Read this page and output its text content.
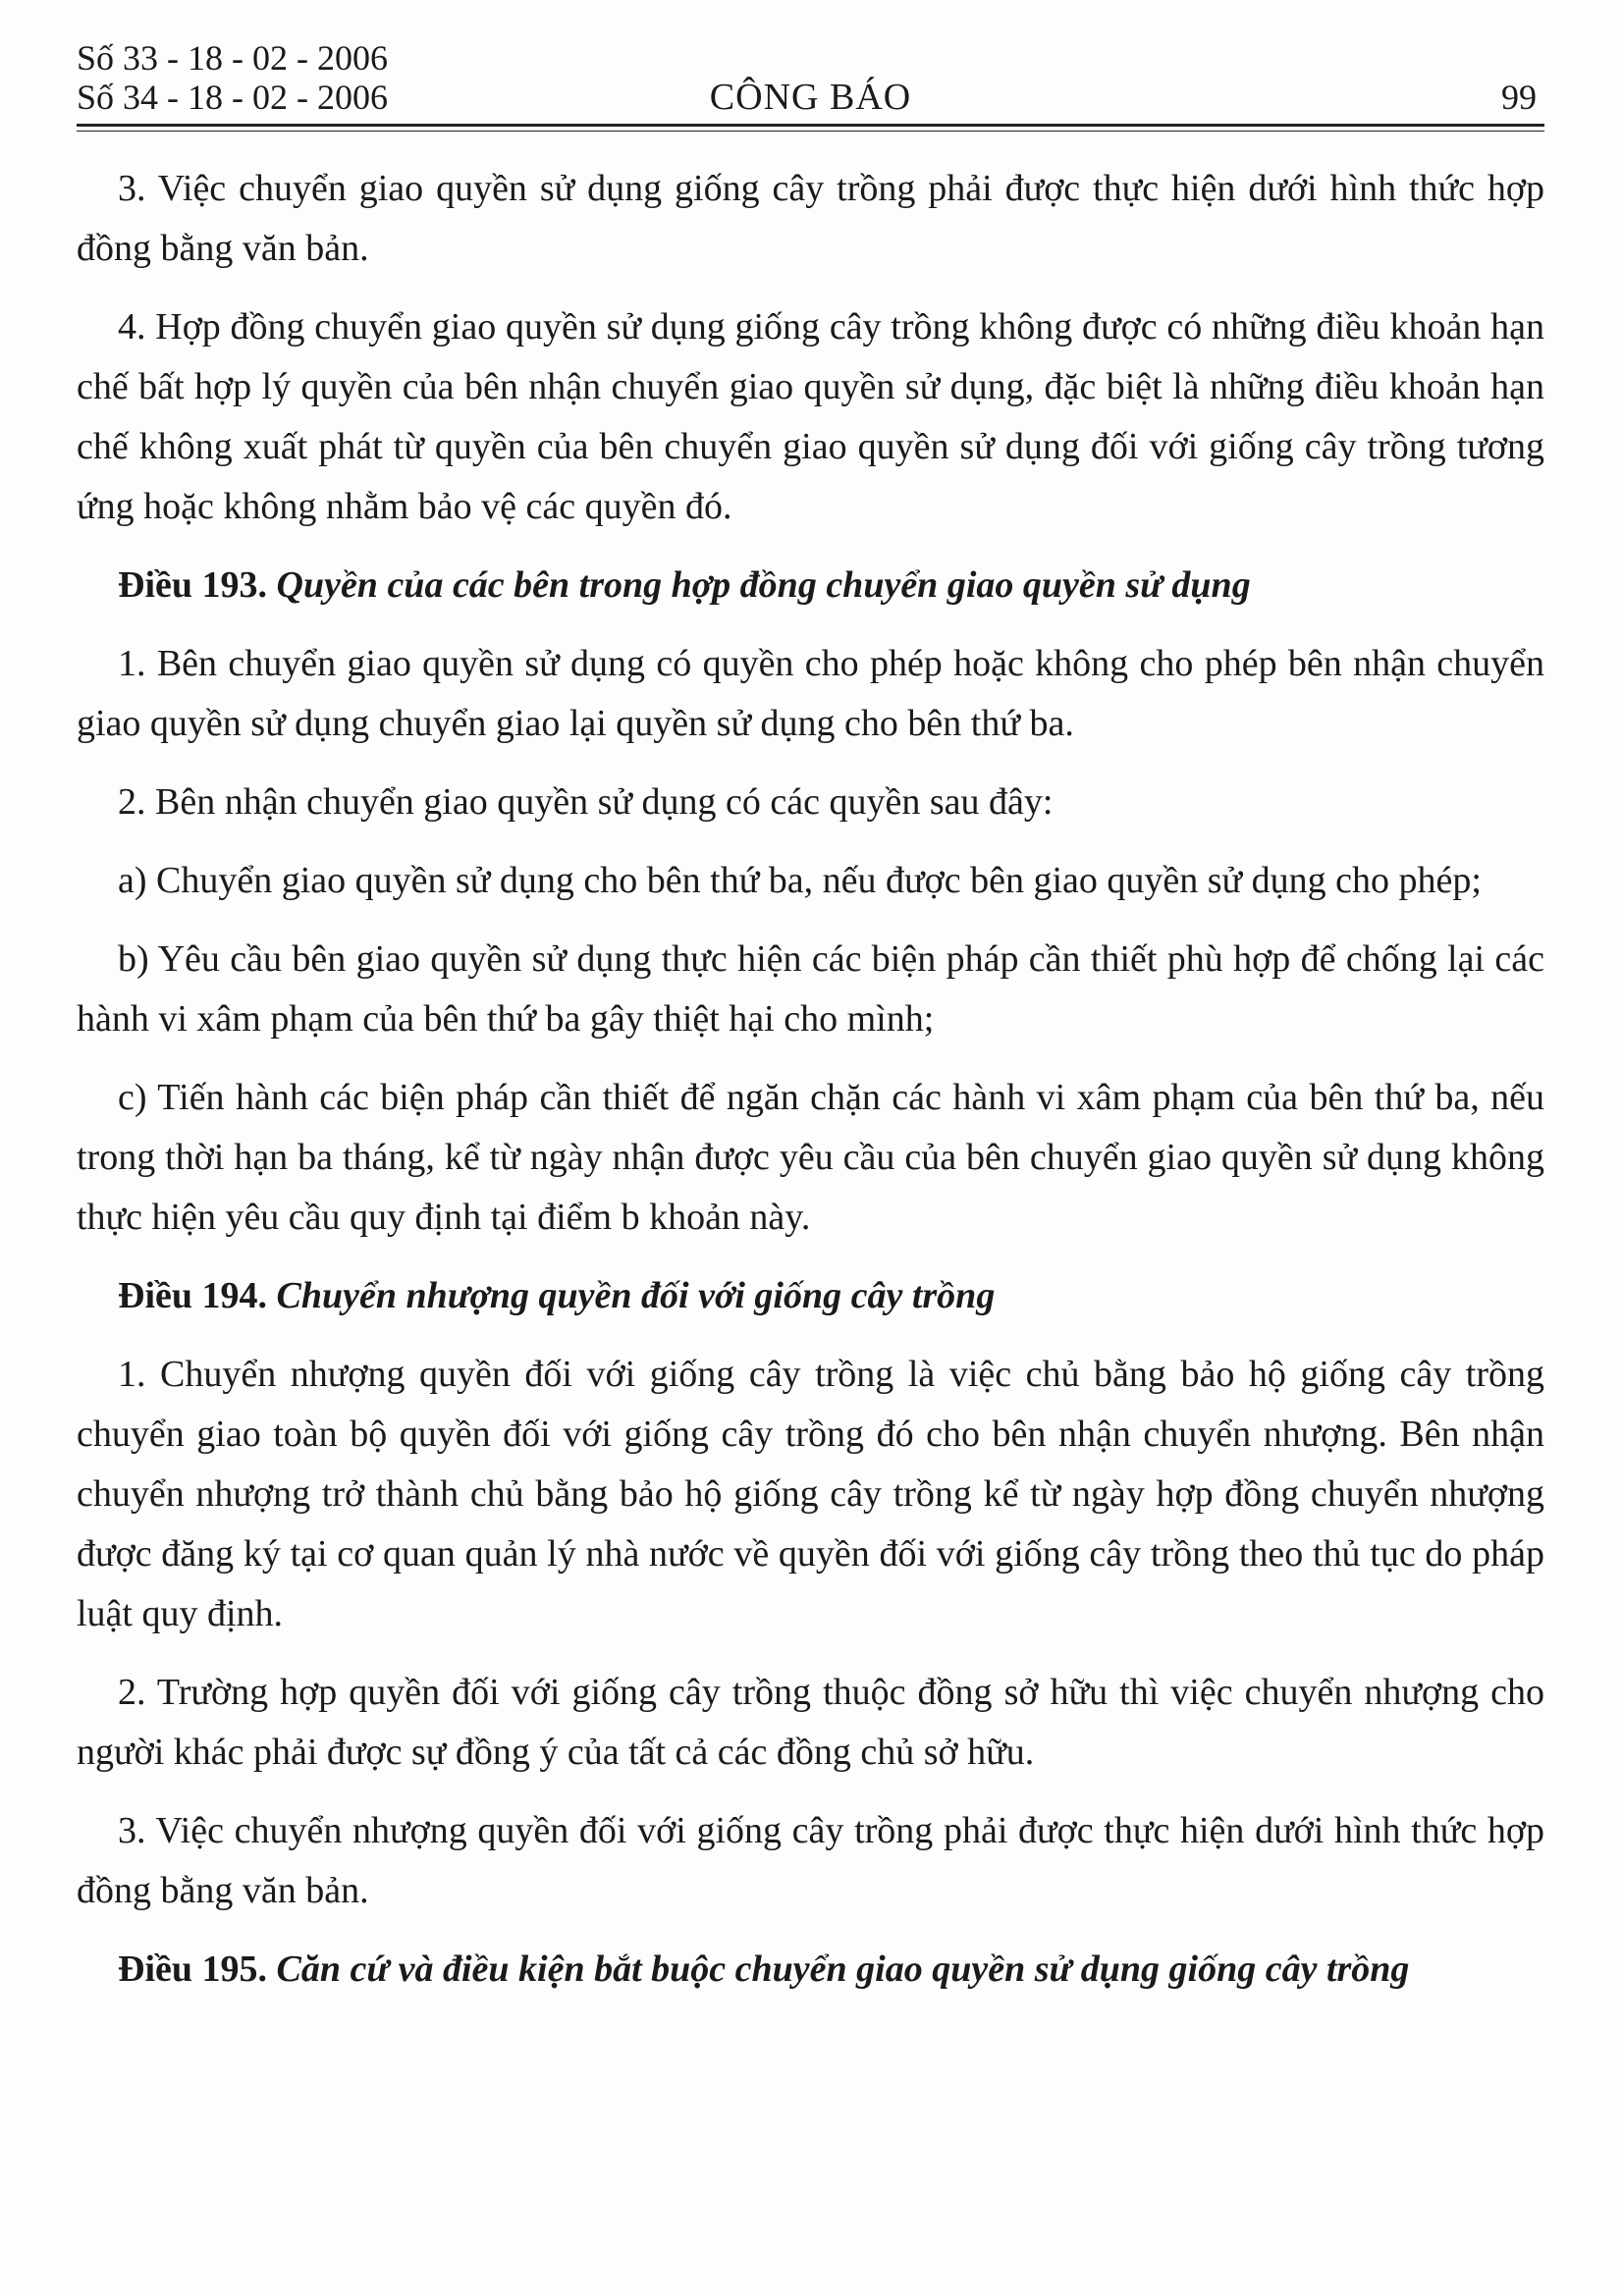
Số 33 - 18 - 02 - 2006
Số 34 - 18 - 02 - 2006	CÔNG BÁO	99

3. Việc chuyển giao quyền sử dụng giống cây trồng phải được thực hiện dưới hình thức hợp đồng bằng văn bản.

4. Hợp đồng chuyển giao quyền sử dụng giống cây trồng không được có những điều khoản hạn chế bất hợp lý quyền của bên nhận chuyển giao quyền sử dụng, đặc biệt là những điều khoản hạn chế không xuất phát từ quyền của bên chuyển giao quyền sử dụng đối với giống cây trồng tương ứng hoặc không nhằm bảo vệ các quyền đó.

Điều 193. Quyền của các bên trong hợp đồng chuyển giao quyền sử dụng

1. Bên chuyển giao quyền sử dụng có quyền cho phép hoặc không cho phép bên nhận chuyển giao quyền sử dụng chuyển giao lại quyền sử dụng cho bên thứ ba.

2. Bên nhận chuyển giao quyền sử dụng có các quyền sau đây:

a) Chuyển giao quyền sử dụng cho bên thứ ba, nếu được bên giao quyền sử dụng cho phép;

b) Yêu cầu bên giao quyền sử dụng thực hiện các biện pháp cần thiết phù hợp để chống lại các hành vi xâm phạm của bên thứ ba gây thiệt hại cho mình;

c) Tiến hành các biện pháp cần thiết để ngăn chặn các hành vi xâm phạm của bên thứ ba, nếu trong thời hạn ba tháng, kể từ ngày nhận được yêu cầu của bên chuyển giao quyền sử dụng không thực hiện yêu cầu quy định tại điểm b khoản này.

Điều 194. Chuyển nhượng quyền đối với giống cây trồng

1. Chuyển nhượng quyền đối với giống cây trồng là việc chủ bằng bảo hộ giống cây trồng chuyển giao toàn bộ quyền đối với giống cây trồng đó cho bên nhận chuyển nhượng. Bên nhận chuyển nhượng trở thành chủ bằng bảo hộ giống cây trồng kể từ ngày hợp đồng chuyển nhượng được đăng ký tại cơ quan quản lý nhà nước về quyền đối với giống cây trồng theo thủ tục do pháp luật quy định.

2. Trường hợp quyền đối với giống cây trồng thuộc đồng sở hữu thì việc chuyển nhượng cho người khác phải được sự đồng ý của tất cả các đồng chủ sở hữu.

3. Việc chuyển nhượng quyền đối với giống cây trồng phải được thực hiện dưới hình thức hợp đồng bằng văn bản.

Điều 195. Căn cứ và điều kiện bắt buộc chuyển giao quyền sử dụng giống cây trồng
